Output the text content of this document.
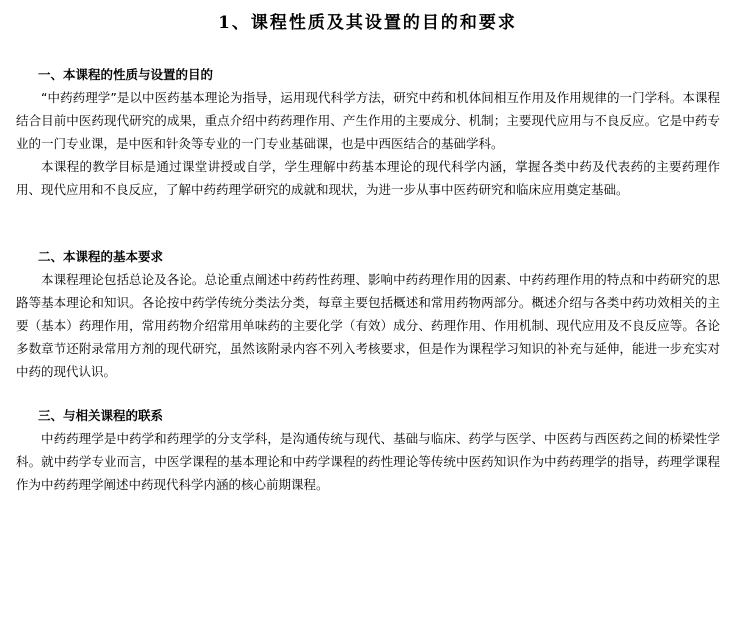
1、课程性质及其设置的目的和要求
一、本课程的性质与设置的目的

“中药药理学”是以中医药基本理论为指导，运用现代科学方法，研究中药和机体间相互作用及作用规律的一门学科。本课程结合目前中医药现代研究的成果，重点介绍中药药理作用、产生作用的主要成分、机制；主要现代应用与不良反应。它是中药专业的一门专业课，是中医和针灸等专业的一门专业基础课，也是中西医结合的基础学科。

本课程的教学目标是通过课堂讲授或自学，学生理解中药基本理论的现代科学内涵，掌握各类中药及代表药的主要药理作用、现代应用和不良反应，了解中药药理学研究的成就和现状，为进一步从事中医药研究和临床应用奠定基础。

二、本课程的基本要求

本课程理论包括总论及各论。总论重点阐述中药药性药理、影响中药药理作用的因素、中药药理作用的特点和中药研究的思路等基本理论和知识。各论按中药学传统分类法分类，每章主要包括概述和常用药物两部分。概述介绍与各类中药功效相关的主要（基本）药理作用，常用药物介绍常用单味药的主要化学（有效）成分、药理作用、作用机制、现代应用及不良反应等。各论多数章节还附录常用方剂的现代研究，虽然该附录内容不列入考核要求，但是作为课程学习知识的补充与延伸，能进一步充实对中药的现代认识。

三、与相关课程的联系

中药药理学是中药学和药理学的分支学科，是沟通传统与现代、基础与临床、药学与医学、中医药与西医药之间的桥梁性学科。就中药学专业而言，中医学课程的基本理论和中药学课程的药性理论等传统中医药知识作为中药药理学的指导，药理学课程作为中药药理学阐述中药现代科学内涵的核心前期课程。
